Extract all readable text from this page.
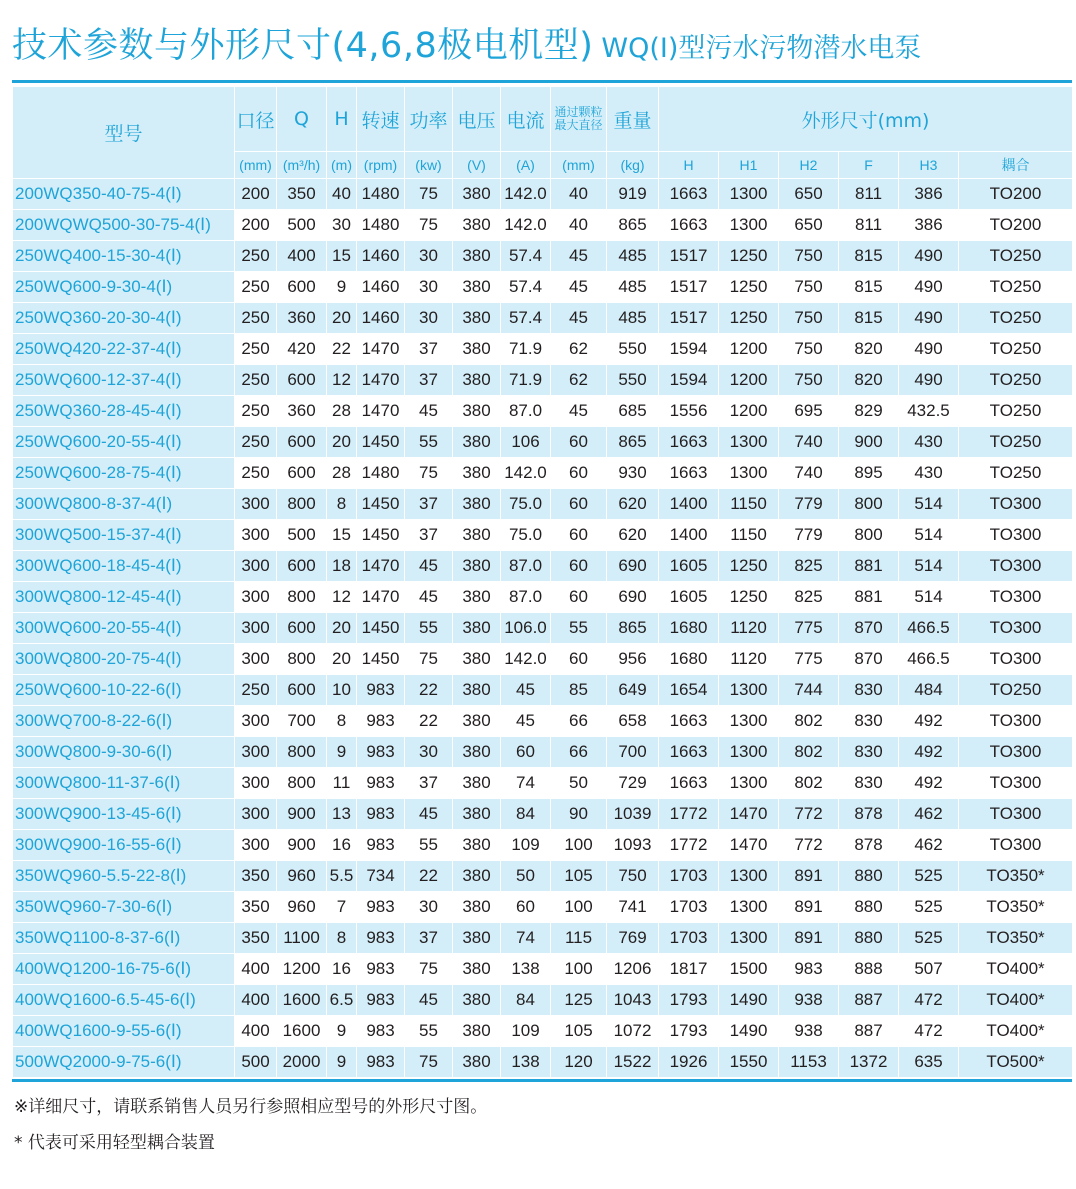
技术参数与外形尺寸(4,6,8极电机型) WQ(Ⅰ)型污水污物潜水电泵
型号	口径	Q	H	转速	功率	电压	电流	通过颗粒最大直径	重量	外形尺寸(mm)					
	(mm)	(m³/h)	(m)	(rpm)	(kw)	(V)	(A)	(mm)	(kg)	H	H1	H2	F	H3	耦合
200WQ350-40-75-4(Ⅰ)	200	350	40	1480	75	380	142.0	40	919	1663	1300	650	811	386	TO200
200WQWQ500-30-75-4(Ⅰ)	200	500	30	1480	75	380	142.0	40	865	1663	1300	650	811	386	TO200
250WQ400-15-30-4(Ⅰ)	250	400	15	1460	30	380	57.4	45	485	1517	1250	750	815	490	TO250
250WQ600-9-30-4(Ⅰ)	250	600	9	1460	30	380	57.4	45	485	1517	1250	750	815	490	TO250
250WQ360-20-30-4(Ⅰ)	250	360	20	1460	30	380	57.4	45	485	1517	1250	750	815	490	TO250
250WQ420-22-37-4(Ⅰ)	250	420	22	1470	37	380	71.9	62	550	1594	1200	750	820	490	TO250
250WQ600-12-37-4(Ⅰ)	250	600	12	1470	37	380	71.9	62	550	1594	1200	750	820	490	TO250
250WQ360-28-45-4(Ⅰ)	250	360	28	1470	45	380	87.0	45	685	1556	1200	695	829	432.5	TO250
250WQ600-20-55-4(Ⅰ)	250	600	20	1450	55	380	106	60	865	1663	1300	740	900	430	TO250
250WQ600-28-75-4(Ⅰ)	250	600	28	1480	75	380	142.0	60	930	1663	1300	740	895	430	TO250
300WQ800-8-37-4(Ⅰ)	300	800	8	1450	37	380	75.0	60	620	1400	1150	779	800	514	TO300
300WQ500-15-37-4(Ⅰ)	300	500	15	1450	37	380	75.0	60	620	1400	1150	779	800	514	TO300
300WQ600-18-45-4(Ⅰ)	300	600	18	1470	45	380	87.0	60	690	1605	1250	825	881	514	TO300
300WQ800-12-45-4(Ⅰ)	300	800	12	1470	45	380	87.0	60	690	1605	1250	825	881	514	TO300
300WQ600-20-55-4(Ⅰ)	300	600	20	1450	55	380	106.0	55	865	1680	1120	775	870	466.5	TO300
300WQ800-20-75-4(Ⅰ)	300	800	20	1450	75	380	142.0	60	956	1680	1120	775	870	466.5	TO300
250WQ600-10-22-6(Ⅰ)	250	600	10	983	22	380	45	85	649	1654	1300	744	830	484	TO250
300WQ700-8-22-6(Ⅰ)	300	700	8	983	22	380	45	66	658	1663	1300	802	830	492	TO300
300WQ800-9-30-6(Ⅰ)	300	800	9	983	30	380	60	66	700	1663	1300	802	830	492	TO300
300WQ800-11-37-6(Ⅰ)	300	800	11	983	37	380	74	50	729	1663	1300	802	830	492	TO300
300WQ900-13-45-6(Ⅰ)	300	900	13	983	45	380	84	90	1039	1772	1470	772	878	462	TO300
300WQ900-16-55-6(Ⅰ)	300	900	16	983	55	380	109	100	1093	1772	1470	772	878	462	TO300
350WQ960-5.5-22-8(Ⅰ)	350	960	5.5	734	22	380	50	105	750	1703	1300	891	880	525	TO350*
350WQ960-7-30-6(Ⅰ)	350	960	7	983	30	380	60	100	741	1703	1300	891	880	525	TO350*
350WQ1100-8-37-6(Ⅰ)	350	1100	8	983	37	380	74	115	769	1703	1300	891	880	525	TO350*
400WQ1200-16-75-6(Ⅰ)	400	1200	16	983	75	380	138	100	1206	1817	1500	983	888	507	TO400*
400WQ1600-6.5-45-6(Ⅰ)	400	1600	6.5	983	45	380	84	125	1043	1793	1490	938	887	472	TO400*
400WQ1600-9-55-6(Ⅰ)	400	1600	9	983	55	380	109	105	1072	1793	1490	938	887	472	TO400*
500WQ2000-9-75-6(Ⅰ)	500	2000	9	983	75	380	138	120	1522	1926	1550	1153	1372	635	TO500*
※详细尺寸，请联系销售人员另行参照相应型号的外形尺寸图。
* 代表可采用轻型耦合装置
